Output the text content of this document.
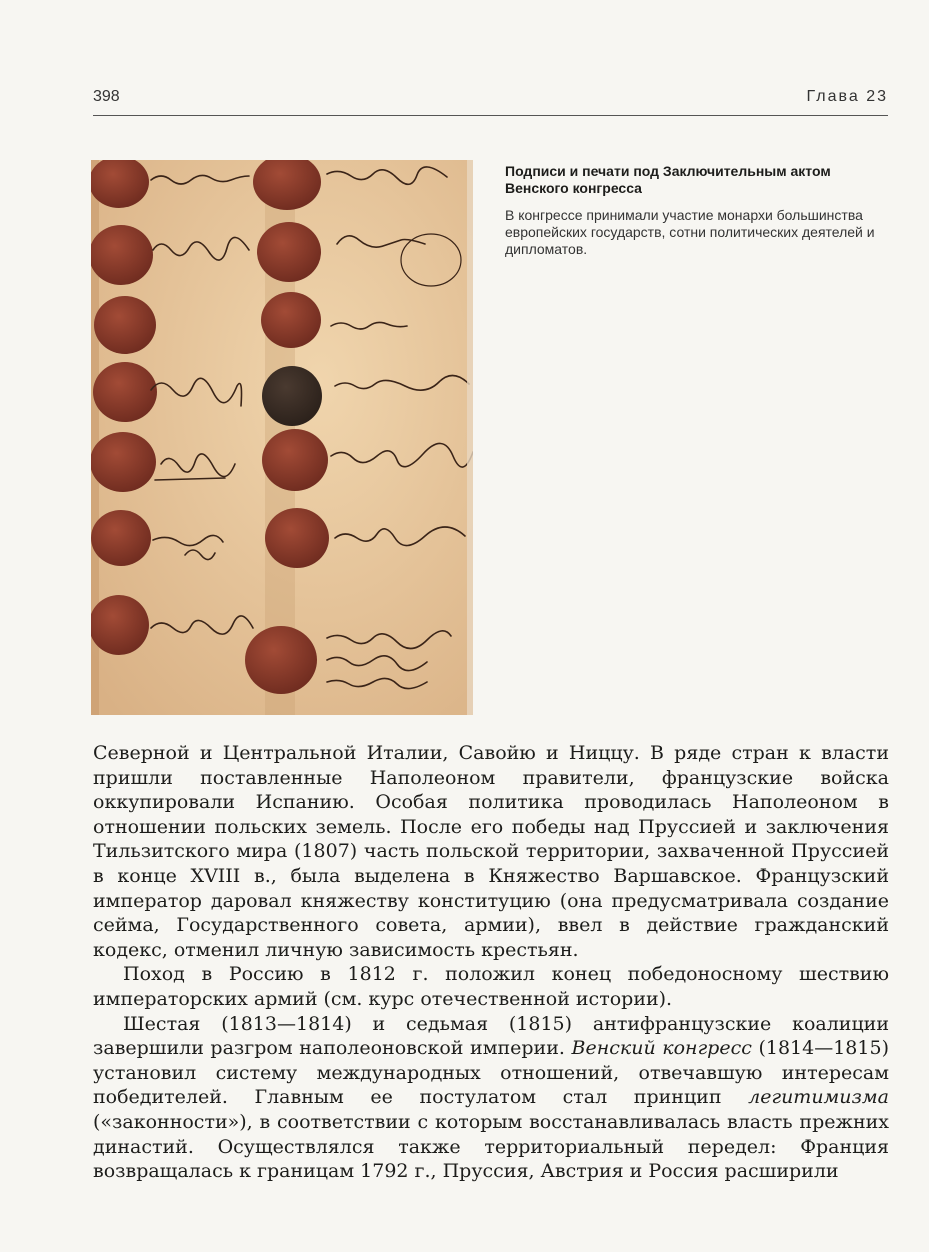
398	Глава 23

Подписи и печати под Заключительным актом Венского конгресса

В конгрессе принимали участие монархи большинства европейских государств, сотни политических деятелей и дипломатов.

Северной и Центральной Италии, Савойю и Ниццу. В ряде стран к власти пришли поставленные Наполеоном правители, французские войска оккупировали Испанию. Особая политика проводилась Наполеоном в отношении польских земель. После его победы над Пруссией и заключения Тильзитского мира (1807) часть польской территории, захваченной Пруссией в конце XVIII в., была выделена в Княжество Варшавское. Французский император даровал княжеству конституцию (она предусматривала создание сейма, Государственного совета, армии), ввел в действие гражданский кодекс, отменил личную зависимость крестьян.

Поход в Россию в 1812 г. положил конец победоносному шествию императорских армий (см. курс отечественной истории).

Шестая (1813—1814) и седьмая (1815) антифранцузские коалиции завершили разгром наполеоновской империи. Венский конгресс (1814—1815) установил систему международных отношений, отвечавшую интересам победителей. Главным ее постулатом стал принцип легитимизма («законности»), в соответствии с которым восстанавливалась власть прежних династий. Осуществлялся также территориальный передел: Франция возвращалась к границам 1792 г., Пруссия, Австрия и Россия расширили
